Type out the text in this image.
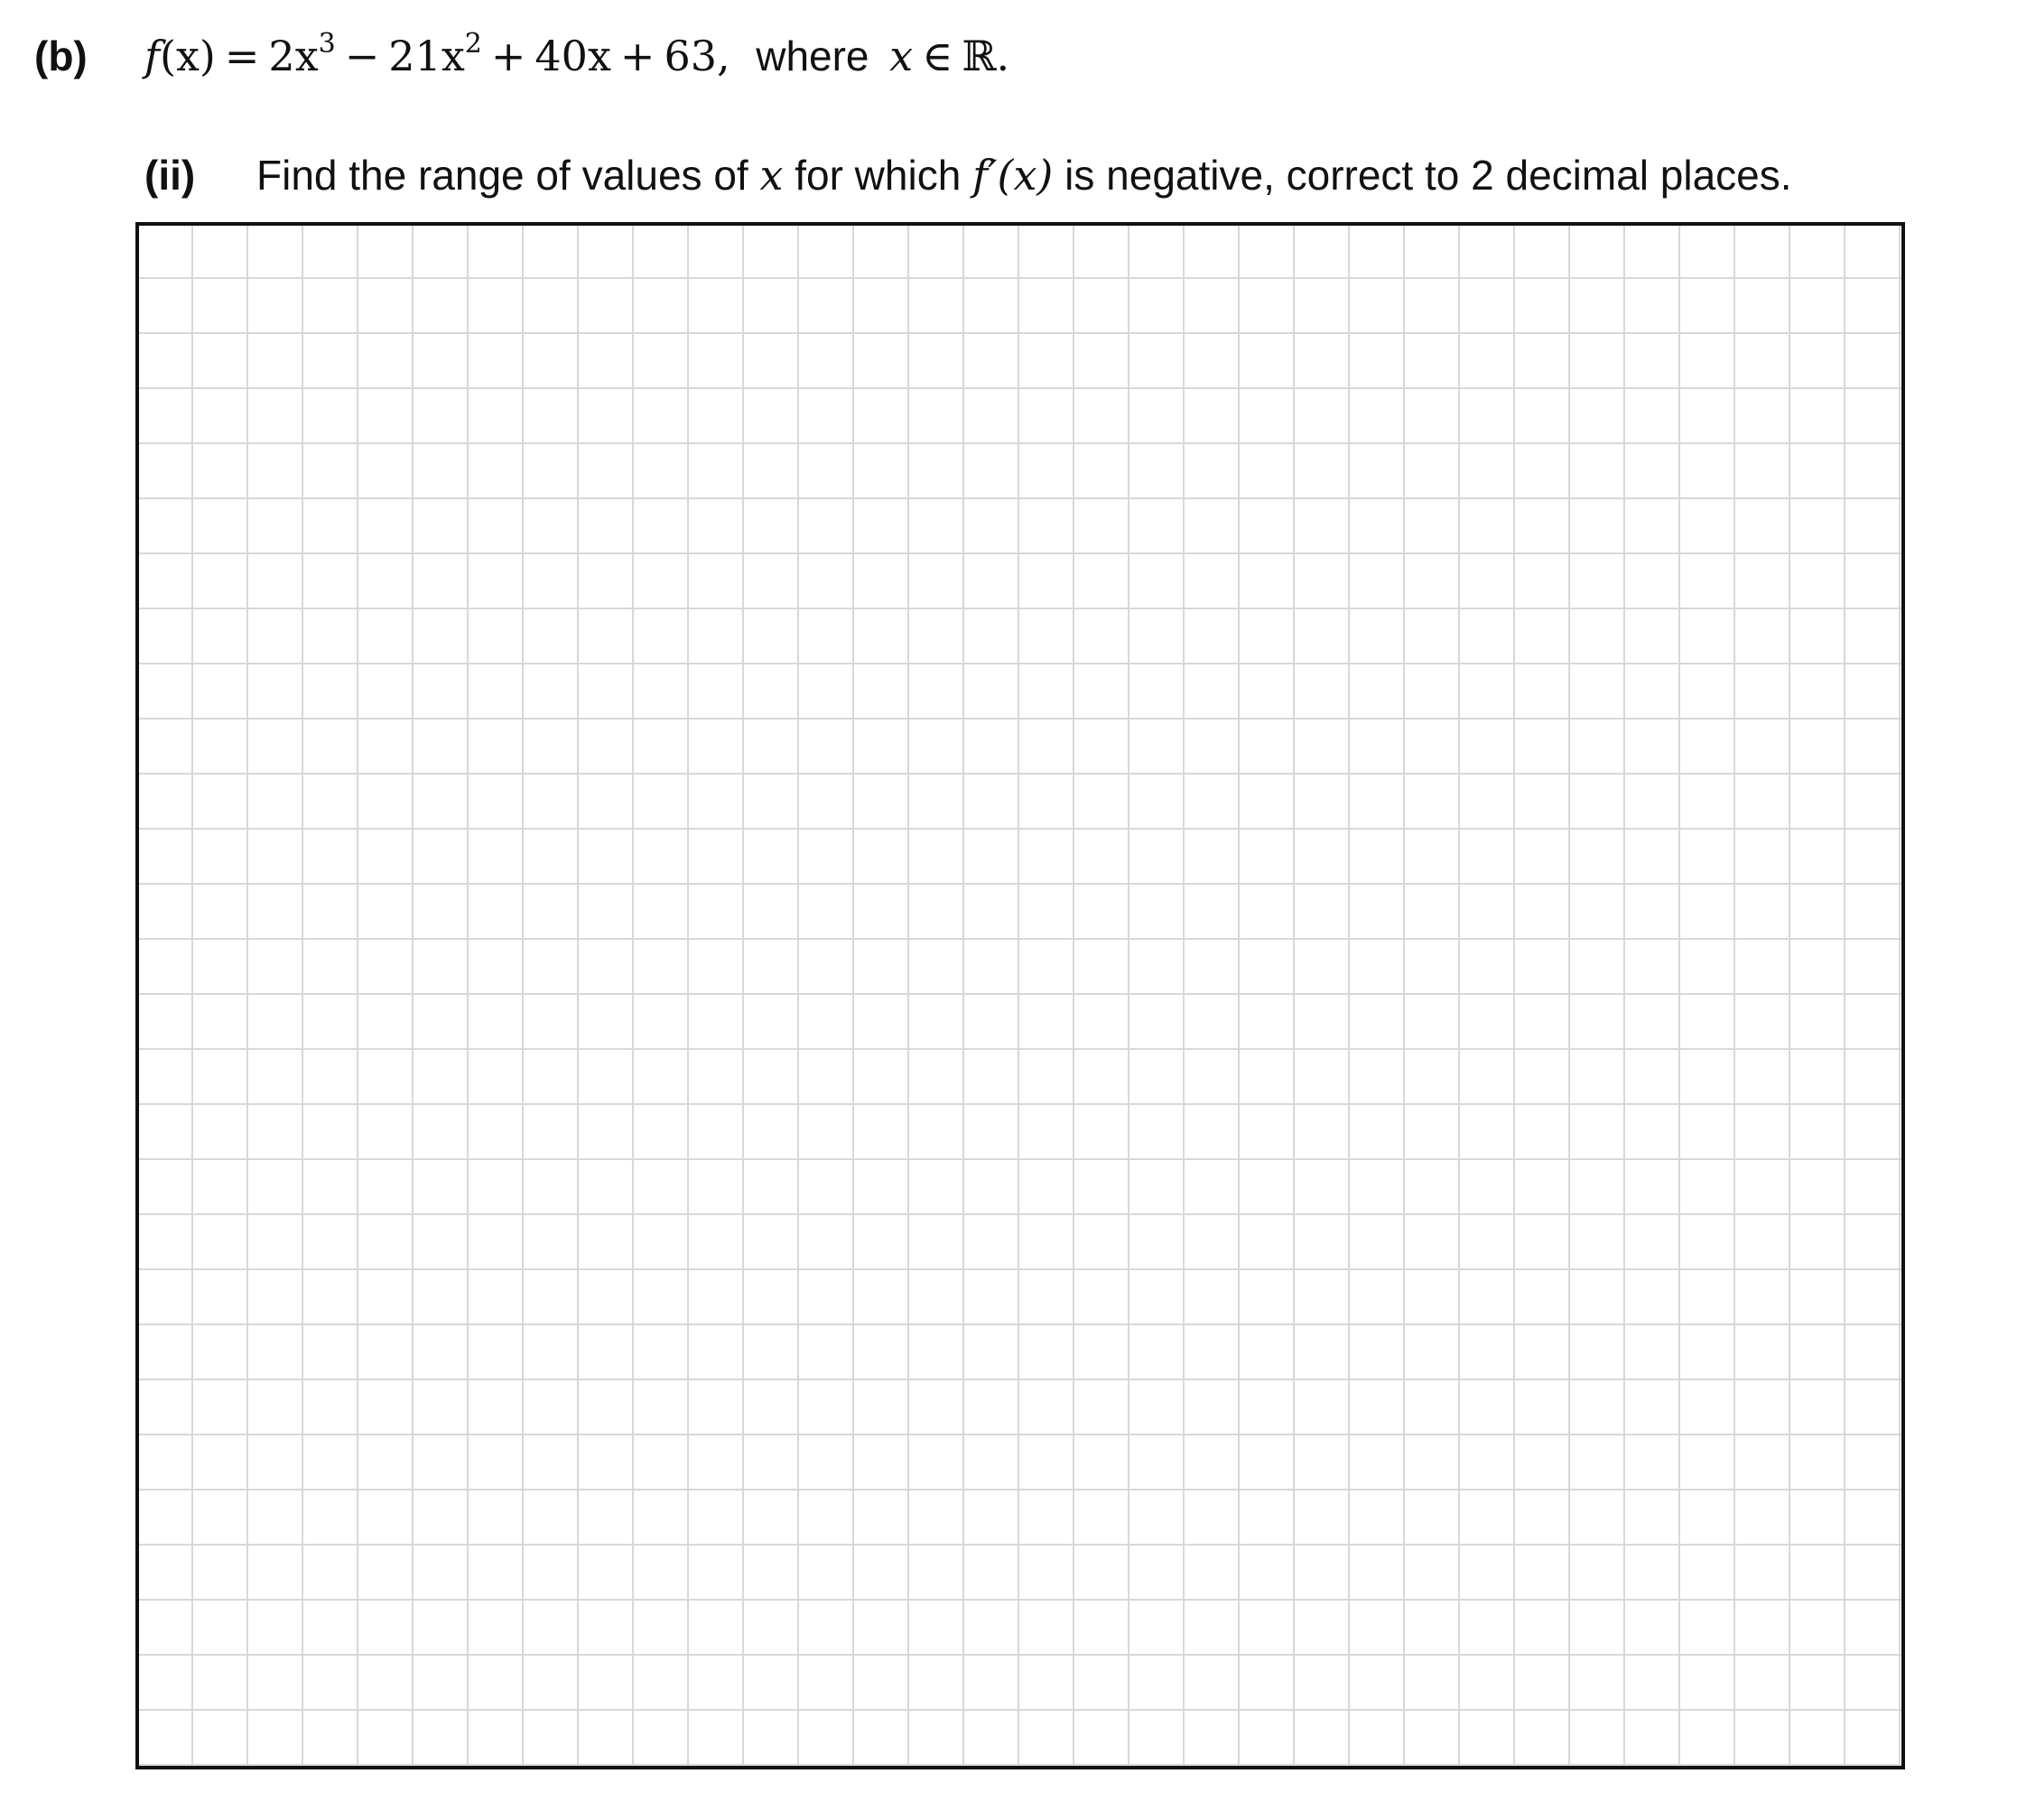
(b) $f(x) = 2x^3 - 21x^2 + 40x + 63$, where x ∈ ℝ.
(ii) Find the range of values of x for which f′(x) is negative, correct to 2 decimal places.
